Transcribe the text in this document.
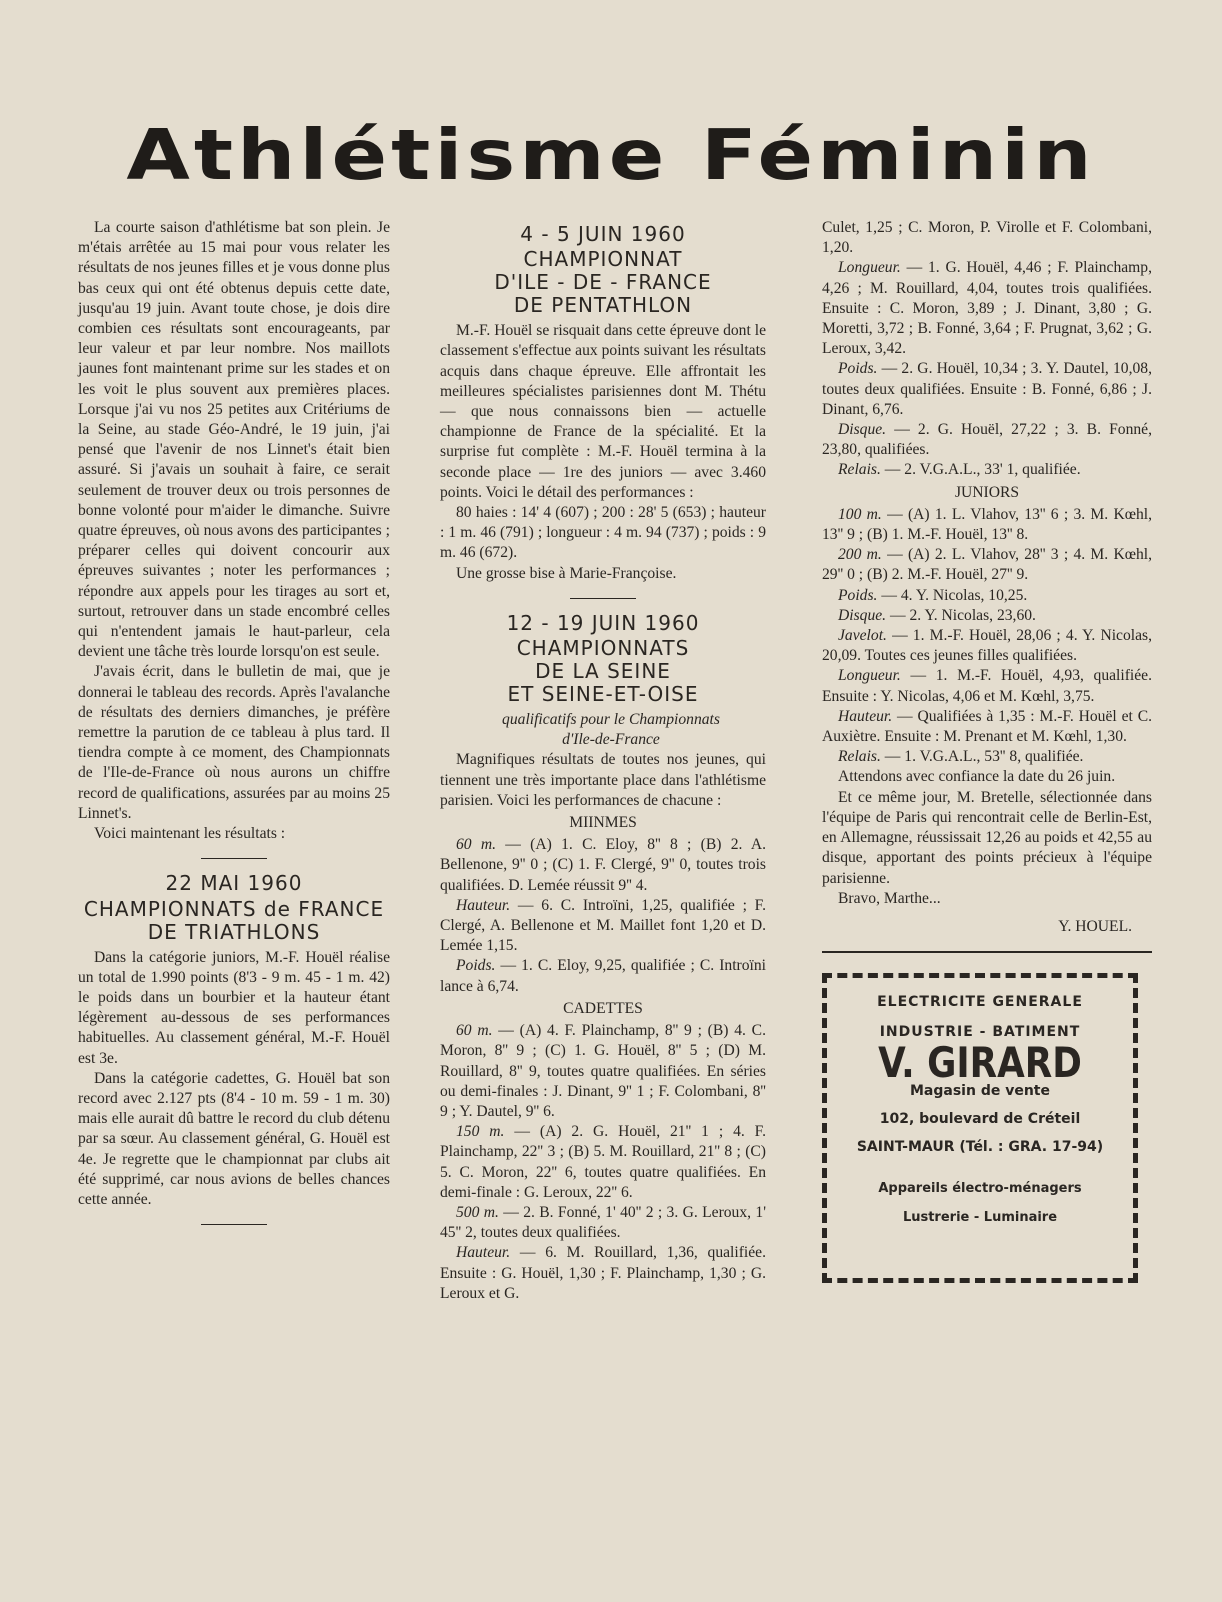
Athlétisme Féminin

La courte saison d'athlétisme bat son plein. Je m'étais arrêtée au 15 mai pour vous relater les résultats de nos jeunes filles et je vous donne plus bas ceux qui ont été obtenus depuis cette date, jusqu'au 19 juin. Avant toute chose, je dois dire combien ces résultats sont encourageants, par leur valeur et par leur nombre. Nos maillots jaunes font maintenant prime sur les stades et on les voit le plus souvent aux premières places. Lorsque j'ai vu nos 25 petites aux Critériums de la Seine, au stade Géo-André, le 19 juin, j'ai pensé que l'avenir de nos Linnet's était bien assuré. Si j'avais un souhait à faire, ce serait seulement de trouver deux ou trois personnes de bonne volonté pour m'aider le dimanche. Suivre quatre épreuves, où nous avons des participantes ; préparer celles qui doivent concourir aux épreuves suivantes ; noter les performances ; répondre aux appels pour les tirages au sort et, surtout, retrouver dans un stade encombré celles qui n'entendent jamais le haut-parleur, cela devient une tâche très lourde lorsqu'on est seule.

J'avais écrit, dans le bulletin de mai, que je donnerai le tableau des records. Après l'avalanche de résultats des derniers dimanches, je préfère remettre la parution de ce tableau à plus tard. Il tiendra compte à ce moment, des Championnats de l'Ile-de-France où nous aurons un chiffre record de qualifications, assurées par au moins 25 Linnet's.

Voici maintenant les résultats :

22 MAI 1960
CHAMPIONNATS de FRANCE
DE TRIATHLONS

Dans la catégorie juniors, M.-F. Houël réalise un total de 1.990 points (8'3 - 9 m. 45 - 1 m. 42) le poids dans un bourbier et la hauteur étant légèrement au-dessous de ses performances habituelles. Au classement général, M.-F. Houël est 3e.

Dans la catégorie cadettes, G. Houël bat son record avec 2.127 pts (8'4 - 10 m. 59 - 1 m. 30) mais elle aurait dû battre le record du club détenu par sa sœur. Au classement général, G. Houël est 4e. Je regrette que le championnat par clubs ait été supprimé, car nous avions de belles chances cette année.

4 - 5 JUIN 1960
CHAMPIONNAT
D'ILE - DE - FRANCE
DE PENTATHLON

M.-F. Houël se risquait dans cette épreuve dont le classement s'effectue aux points suivant les résultats acquis dans chaque épreuve. Elle affrontait les meilleures spécialistes parisiennes dont M. Thétu — que nous connaissons bien — actuelle championne de France de la spécialité. Et la surprise fut complète : M.-F. Houël termina à la seconde place — 1re des juniors — avec 3.460 points. Voici le détail des performances :

80 haies : 14' 4 (607) ; 200 : 28' 5 (653) ; hauteur : 1 m. 46 (791) ; longueur : 4 m. 94 (737) ; poids : 9 m. 46 (672).

Une grosse bise à Marie-Françoise.

12 - 19 JUIN 1960
CHAMPIONNATS
DE LA SEINE
ET SEINE-ET-OISE

qualificatifs pour le Championnats

d'Ile-de-France

Magnifiques résultats de toutes nos jeunes, qui tiennent une très importante place dans l'athlétisme parisien. Voici les performances de chacune :

MIINMES

60 m. — (A) 1. C. Eloy, 8'' 8 ; (B) 2. A. Bellenone, 9'' 0 ; (C) 1. F. Clergé, 9'' 0, toutes trois qualifiées. D. Lemée réussit 9'' 4.

Hauteur. — 6. C. Introïni, 1,25, qualifiée ; F. Clergé, A. Bellenone et M. Maillet font 1,20 et D. Lemée 1,15.

Poids. — 1. C. Eloy, 9,25, qualifiée ; C. Introïni lance à 6,74.

CADETTES

60 m. — (A) 4. F. Plainchamp, 8'' 9 ; (B) 4. C. Moron, 8'' 9 ; (C) 1. G. Houël, 8'' 5 ; (D) M. Rouillard, 8'' 9, toutes quatre qualifiées. En séries ou demi-finales : J. Dinant, 9'' 1 ; F. Colombani, 8'' 9 ; Y. Dautel, 9'' 6.

150 m. — (A) 2. G. Houël, 21'' 1 ; 4. F. Plainchamp, 22'' 3 ; (B) 5. M. Rouillard, 21'' 8 ; (C) 5. C. Moron, 22'' 6, toutes quatre qualifiées. En demi-finale : G. Leroux, 22'' 6.

500 m. — 2. B. Fonné, 1' 40'' 2 ; 3. G. Leroux, 1' 45'' 2, toutes deux qualifiées.

Hauteur. — 6. M. Rouillard, 1,36, qualifiée. Ensuite : G. Houël, 1,30 ; F. Plainchamp, 1,30 ; G. Leroux et G.

Culet, 1,25 ; C. Moron, P. Virolle et F. Colombani, 1,20.

Longueur. — 1. G. Houël, 4,46 ; F. Plainchamp, 4,26 ; M. Rouillard, 4,04, toutes trois qualifiées. Ensuite : C. Moron, 3,89 ; J. Dinant, 3,80 ; G. Moretti, 3,72 ; B. Fonné, 3,64 ; F. Prugnat, 3,62 ; G. Leroux, 3,42.

Poids. — 2. G. Houël, 10,34 ; 3. Y. Dautel, 10,08, toutes deux qualifiées. Ensuite : B. Fonné, 6,86 ; J. Dinant, 6,76.

Disque. — 2. G. Houël, 27,22 ; 3. B. Fonné, 23,80, qualifiées.

Relais. — 2. V.G.A.L., 33' 1, qualifiée.

JUNIORS

100 m. — (A) 1. L. Vlahov, 13'' 6 ; 3. M. Kœhl, 13'' 9 ; (B) 1. M.-F. Houël, 13'' 8.

200 m. — (A) 2. L. Vlahov, 28'' 3 ; 4. M. Kœhl, 29'' 0 ; (B) 2. M.-F. Houël, 27'' 9.

Poids. — 4. Y. Nicolas, 10,25.

Disque. — 2. Y. Nicolas, 23,60.

Javelot. — 1. M.-F. Houël, 28,06 ; 4. Y. Nicolas, 20,09. Toutes ces jeunes filles qualifiées.

Longueur. — 1. M.-F. Houël, 4,93, qualifiée. Ensuite : Y. Nicolas, 4,06 et M. Kœhl, 3,75.

Hauteur. — Qualifiées à 1,35 : M.-F. Houël et C. Auxiètre. Ensuite : M. Prenant et M. Kœhl, 1,30.

Relais. — 1. V.G.A.L., 53'' 8, qualifiée.

Attendons avec confiance la date du 26 juin.

Et ce même jour, M. Bretelle, sélectionnée dans l'équipe de Paris qui rencontrait celle de Berlin-Est, en Allemagne, réussissait 12,26 au poids et 42,55 au disque, apportant des points précieux à l'équipe parisienne.

Bravo, Marthe...

Y. HOUEL.
ELECTRICITE GENERALE
INDUSTRIE - BATIMENT
V. GIRARD
Magasin de vente
102, boulevard de Créteil
SAINT-MAUR (Tél. : GRA. 17-94)
Appareils électro-ménagers
Lustrerie - Luminaire
